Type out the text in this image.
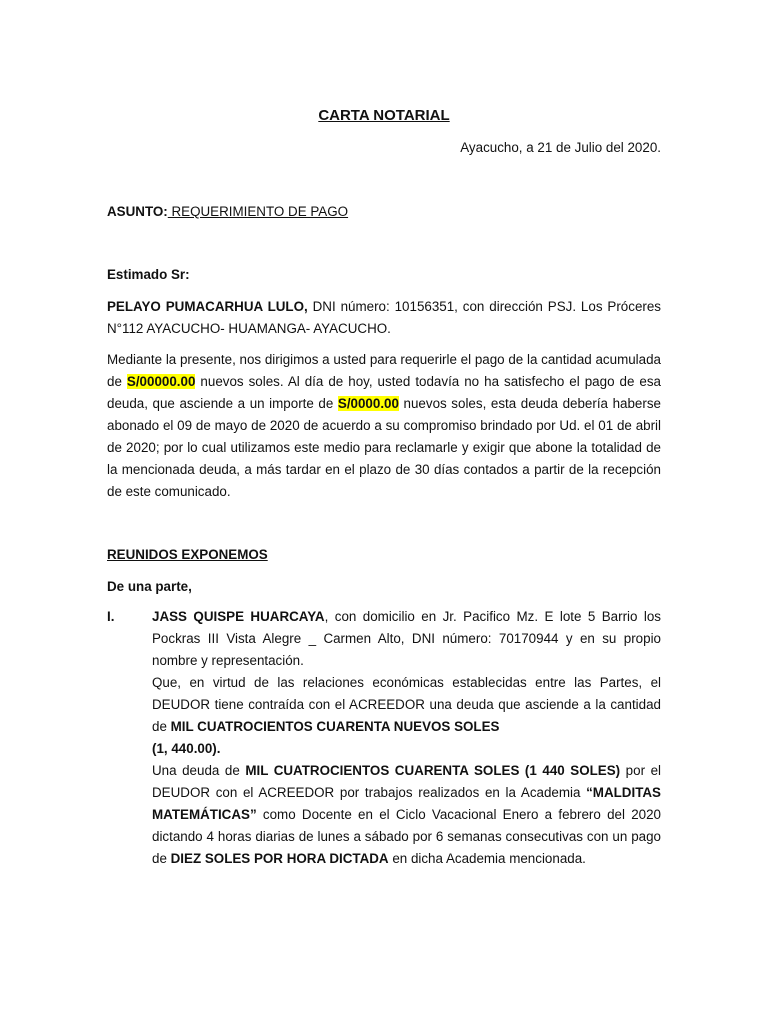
CARTA NOTARIAL

Ayacucho, a 21 de Julio del 2020.

ASUNTO: REQUERIMIENTO DE PAGO

Estimado Sr:

PELAYO PUMACARHUA LULO, DNI número: 10156351, con dirección PSJ. Los Próceres N°112 AYACUCHO- HUAMANGA- AYACUCHO.

Mediante la presente, nos dirigimos a usted para requerirle el pago de la cantidad acumulada de S/00000.00 nuevos soles. Al día de hoy, usted todavía no ha satisfecho el pago de esa deuda, que asciende a un importe de S/0000.00 nuevos soles, esta deuda debería haberse abonado el 09 de mayo de 2020 de acuerdo a su compromiso brindado por Ud. el 01 de abril de 2020; por lo cual utilizamos este medio para reclamarle y exigir que abone la totalidad de la mencionada deuda, a más tardar en el plazo de 30 días contados a partir de la recepción de este comunicado.

REUNIDOS EXPONEMOS

De una parte,

I.	JASS QUISPE HUARCAYA, con domicilio en Jr. Pacifico Mz. E lote 5 Barrio los Pockras III Vista Alegre _ Carmen Alto, DNI número: 70170944 y en su propio nombre y representación.

Que, en virtud de las relaciones económicas establecidas entre las Partes, el DEUDOR tiene contraída con el ACREEDOR una deuda que asciende a la cantidad de MIL CUATROCIENTOS CUARENTA NUEVOS SOLES

(1, 440.00).

Una deuda de MIL CUATROCIENTOS CUARENTA SOLES (1 440 SOLES) por el DEUDOR con el ACREEDOR por trabajos realizados en la Academia “MALDITAS MATEMÁTICAS” como Docente en el Ciclo Vacacional Enero a febrero del 2020 dictando 4 horas diarias de lunes a sábado por 6 semanas consecutivas con un pago de DIEZ SOLES POR HORA DICTADA en dicha Academia mencionada.
